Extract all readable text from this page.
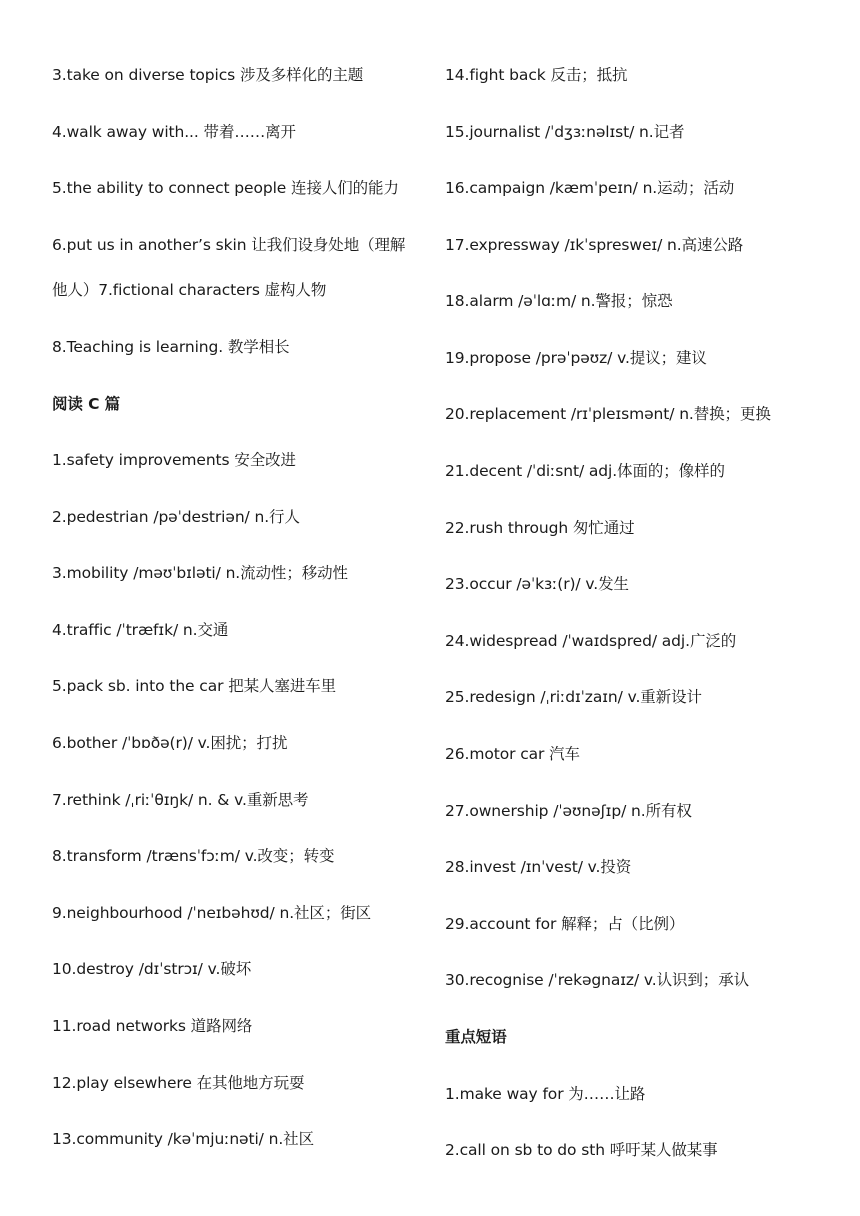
3.take on diverse topics 涉及多样化的主题
4.walk away with... 带着……离开
5.the ability to connect people 连接人们的能力
6.put us in another’s skin 让我们设身处地（理解
他人）7.fictional characters 虚构人物
8.Teaching is learning. 教学相长
阅读 C 篇
1.safety improvements 安全改进
2.pedestrian /pəˈdestriən/ n.行人
3.mobility /məʊˈbɪləti/ n.流动性；移动性
4.traffic /ˈtræfɪk/ n.交通
5.pack sb. into the car 把某人塞进车里
6.bother /ˈbɒðə(r)/ v.困扰；打扰
7.rethink /ˌriːˈθɪŋk/ n. & v.重新思考
8.transform /trænsˈfɔːm/ v.改变；转变
9.neighbourhood /ˈneɪbəhʊd/ n.社区；街区
10.destroy /dɪˈstrɔɪ/ v.破坏
11.road networks 道路网络
12.play elsewhere 在其他地方玩耍
13.community /kəˈmjuːnəti/ n.社区
14.fight back 反击；抵抗
15.journalist /ˈdʒɜːnəlɪst/ n.记者
16.campaign /kæmˈpeɪn/ n.运动；活动
17.expressway /ɪkˈspresweɪ/ n.高速公路
18.alarm /əˈlɑːm/ n.警报；惊恐
19.propose /prəˈpəʊz/ v.提议；建议
20.replacement /rɪˈpleɪsmənt/ n.替换；更换
21.decent /ˈdiːsnt/ adj.体面的；像样的
22.rush through 匆忙通过
23.occur /əˈkɜː(r)/ v.发生
24.widespread /ˈwaɪdspred/ adj.广泛的
25.redesign /ˌriːdɪˈzaɪn/ v.重新设计
26.motor car 汽车
27.ownership /ˈəʊnəʃɪp/ n.所有权
28.invest /ɪnˈvest/ v.投资
29.account for 解释；占（比例）
30.recognise /ˈrekəgnaɪz/ v.认识到；承认
重点短语
1.make way for 为……让路
2.call on sb to do sth 呼吁某人做某事
